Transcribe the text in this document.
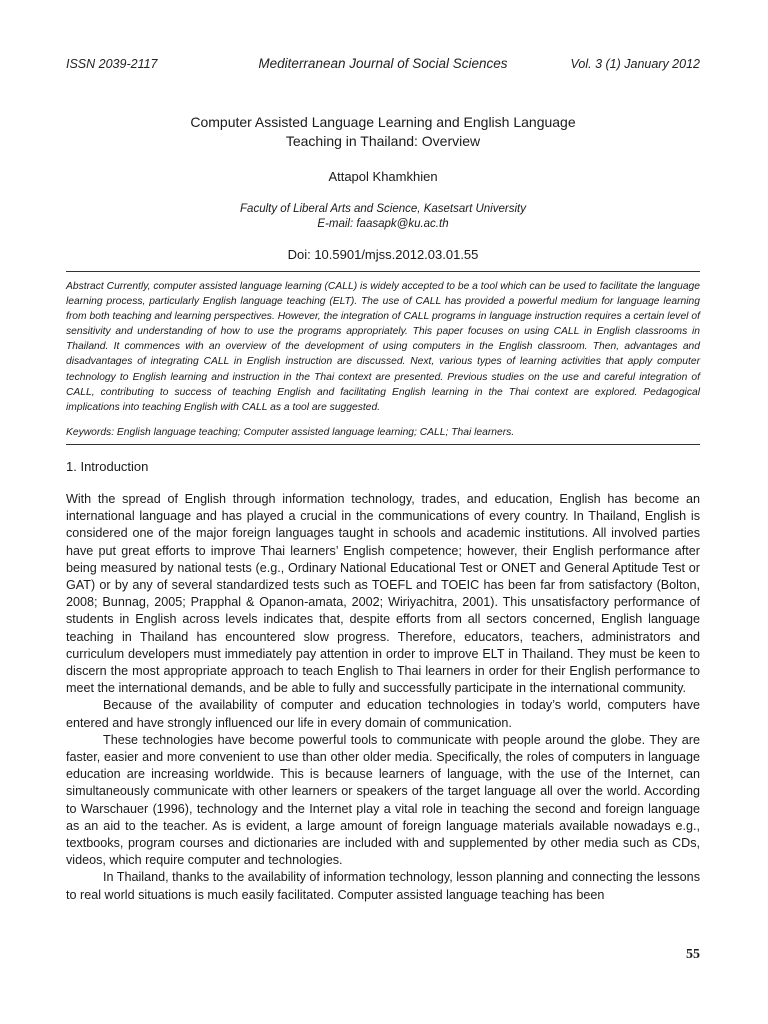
ISSN 2039-2117	Mediterranean Journal of Social Sciences	Vol. 3 (1) January 2012
Computer Assisted Language Learning and English Language
Teaching in Thailand: Overview
Attapol Khamkhien
Faculty of Liberal Arts and Science, Kasetsart University
E-mail: faasapk@ku.ac.th
Doi: 10.5901/mjss.2012.03.01.55
Abstract Currently, computer assisted language learning (CALL) is widely accepted to be a tool which can be used to facilitate the language learning process, particularly English language teaching (ELT). The use of CALL has provided a powerful medium for language learning from both teaching and learning perspectives. However, the integration of CALL programs in language instruction requires a certain level of sensitivity and understanding of how to use the programs appropriately. This paper focuses on using CALL in English classrooms in Thailand. It commences with an overview of the development of using computers in the English classroom. Then, advantages and disadvantages of integrating CALL in English instruction are discussed. Next, various types of learning activities that apply computer technology to English learning and instruction in the Thai context are presented. Previous studies on the use and careful integration of CALL, contributing to success of teaching English and facilitating English learning in the Thai context are explored. Pedagogical implications into teaching English with CALL as a tool are suggested.
Keywords: English language teaching; Computer assisted language learning; CALL; Thai learners.
1. Introduction

With the spread of English through information technology, trades, and education, English has become an international language and has played a crucial in the communications of every country. In Thailand, English is considered one of the major foreign languages taught in schools and academic institutions. All involved parties have put great efforts to improve Thai learners’ English competence; however, their English performance after being measured by national tests (e.g., Ordinary National Educational Test or ONET and General Aptitude Test or GAT) or by any of several standardized tests such as TOEFL and TOEIC has been far from satisfactory (Bolton, 2008; Bunnag, 2005; Prapphal & Opanon-amata, 2002; Wiriyachitra, 2001). This unsatisfactory performance of students in English across levels indicates that, despite efforts from all sectors concerned, English language teaching in Thailand has encountered slow progress. Therefore, educators, teachers, administrators and curriculum developers must immediately pay attention in order to improve ELT in Thailand. They must be keen to discern the most appropriate approach to teach English to Thai learners in order for their English performance to meet the international demands, and be able to fully and successfully participate in the international community.

Because of the availability of computer and education technologies in today’s world, computers have entered and have strongly influenced our life in every domain of communication.

These technologies have become powerful tools to communicate with people around the globe. They are faster, easier and more convenient to use than other older media. Specifically, the roles of computers in language education are increasing worldwide. This is because learners of language, with the use of the Internet, can simultaneously communicate with other learners or speakers of the target language all over the world. According to Warschauer (1996), technology and the Internet play a vital role in teaching the second and foreign language as an aid to the teacher. As is evident, a large amount of foreign language materials available nowadays e.g., textbooks, program courses and dictionaries are included with and supplemented by other media such as CDs, videos, which require computer and technologies.

In Thailand, thanks to the availability of information technology, lesson planning and connecting the lessons to real world situations is much easily facilitated. Computer assisted language teaching has been

55
